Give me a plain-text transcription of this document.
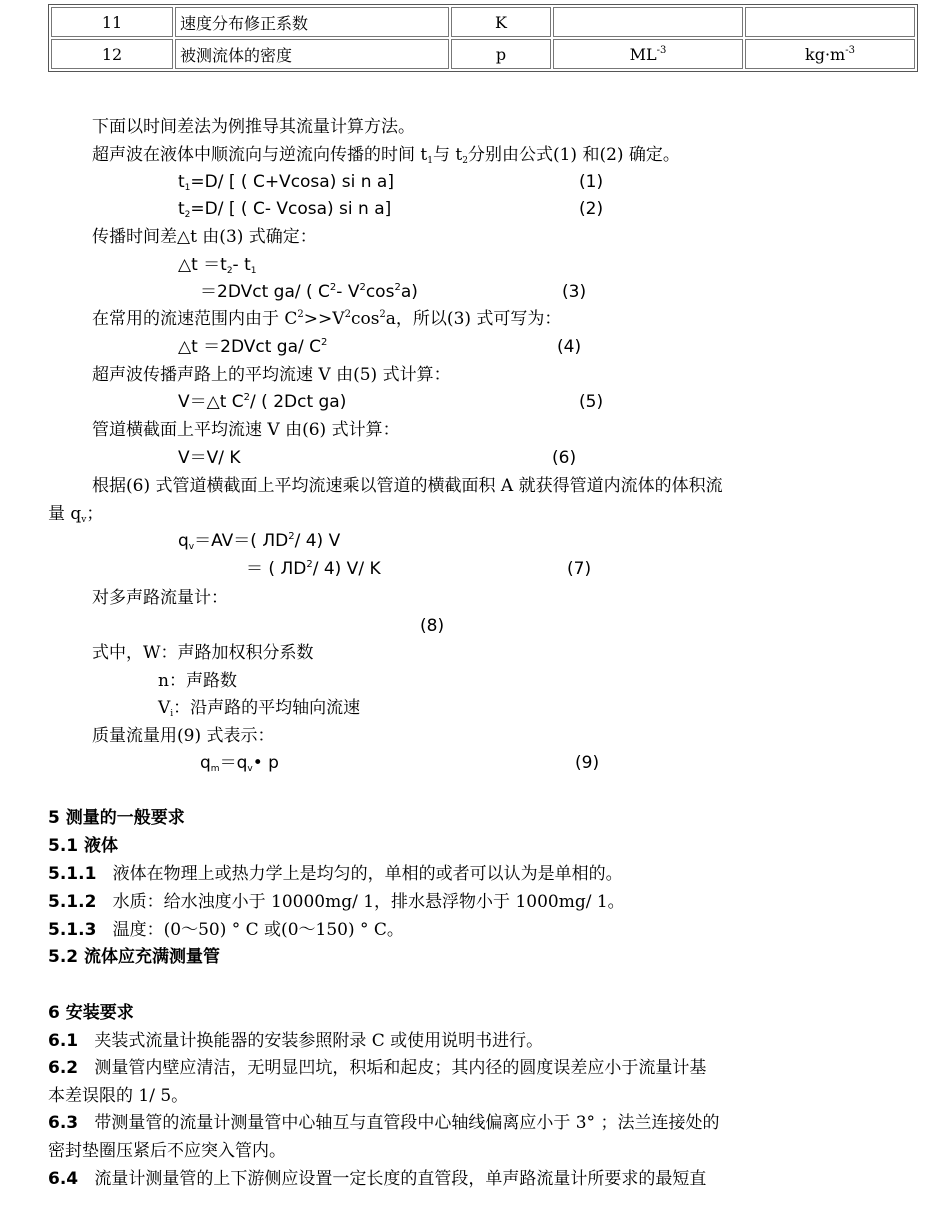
11	速度分布修正系数	K		
12	被测流体的密度	p	$ML^{-3}$	$kg\cdot m^{-3}$
下面以时间差法为例推导其流量计算方法。
超声波在液体中顺流向与逆流向传播的时间 $t_1$与 $t_2$分别由公式(1) 和(2) 确定。
$t_1=D/$ [ ( C+Vcosa) si n a]	(1)
$t_2=D/$ [ ( C- Vcosa) si n a]	(2)
传播时间差△t 由(3) 式确定：
△t $=t_2-$ $t_1$
＝2DVct ga/ ( $C^2-$ $V^2\cos^2a$)	(3)
在常用的流速范围内由于 $C^2>>V^2\cos^2a$，所以(3) 式可写为：
△t ＝2DVct ga/ $C^2$	(4)
超声波传播声路上的平均流速 V 由(5) 式计算：
V＝△t $C^2/$ ( 2Dct ga)	(5)
管道横截面上平均流速 V 由(6) 式计算：
V＝V/ K	(6)
根据(6) 式管道横截面上平均流速乘以管道的横截面积 A 就获得管道内流体的体积流
量 $q_v$；
$q_v=AV=$( $ЛD^2/$ 4) V
＝ ( $ЛD^2/$ 4) V/ K	(7)
对多声路流量计：
(8)
式中，W：声路加权积分系数
n：声路数
$V_i$：沿声路的平均轴向流速
质量流量用(9) 式表示：
$q_m=q_v•$ p	(9)
5 测量的一般要求
5.1 液体
5.1.1 液体在物理上或热力学上是均匀的，单相的或者可以认为是单相的。
5.1.2 水质：给水浊度小于 10000mg/ 1，排水悬浮物小于 1000mg/ 1。
5.1.3 温度：(0～50) ° C 或(0～150) ° C。
5.2 流体应充满测量管
6 安装要求
6.1 夹装式流量计换能器的安装参照附录 C 或使用说明书进行。
6.2 测量管内壁应清洁，无明显凹坑，积垢和起皮；其内径的圆度误差应小于流量计基
本差误限的 1/ 5。
6.3 带测量管的流量计测量管中心轴互与直管段中心轴线偏离应小于 3° ；法兰连接处的
密封垫圈压紧后不应突入管内。
6.4 流量计测量管的上下游侧应设置一定长度的直管段，单声路流量计所要求的最短直
